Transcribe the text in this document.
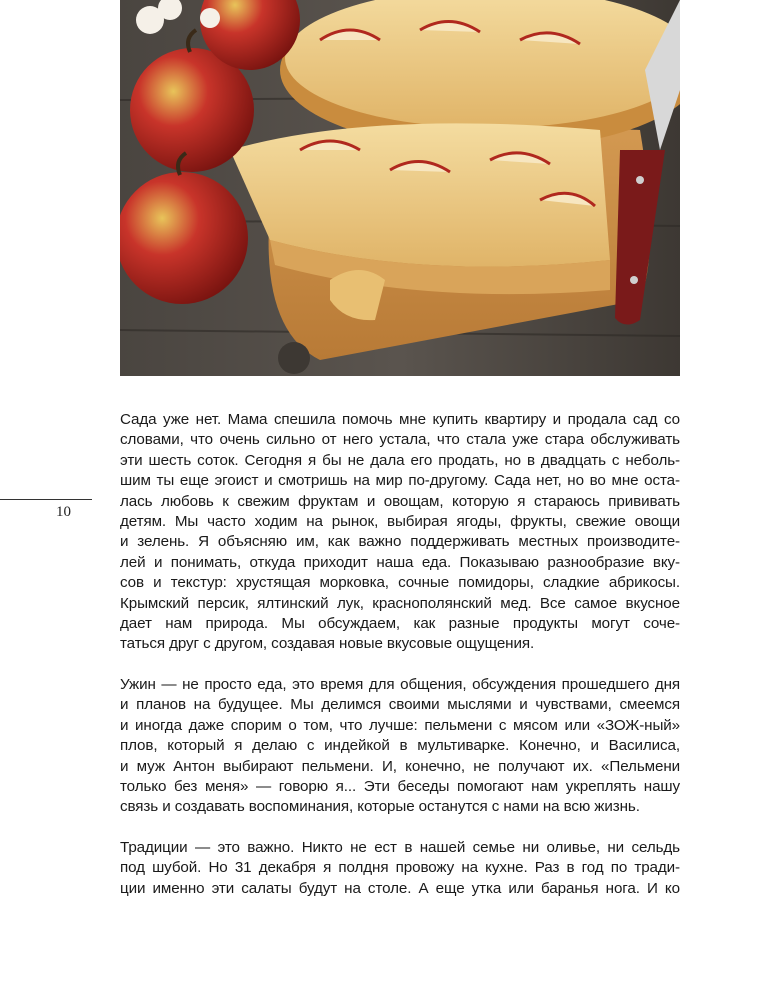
10
Сада уже нет. Мама спешила помочь мне купить квартиру и продала сад со
словами, что очень сильно от него устала, что стала уже стара обслуживать
эти шесть соток. Сегодня я бы не дала его продать, но в двадцать с неболь-
шим ты еще эгоист и смотришь на мир по-другому. Сада нет, но во мне оста-
лась любовь к свежим фруктам и овощам, которую я стараюсь прививать
детям. Мы часто ходим на рынок, выбирая ягоды, фрукты, свежие овощи
и зелень. Я объясняю им, как важно поддерживать местных производите-
лей и понимать, откуда приходит наша еда. Показываю разнообразие вку-
сов и текстур: хрустящая морковка, сочные помидоры, сладкие абрикосы.
Крымский персик, ялтинский лук, краснополянский мед. Все самое вкусное
дает нам природа. Мы обсуждаем, как разные продукты могут соче-
таться друг с другом, создавая новые вкусовые ощущения.
Ужин — не просто еда, это время для общения, обсуждения прошедшего дня
и планов на будущее. Мы делимся своими мыслями и чувствами, смеемся
и иногда даже спорим о том, что лучше: пельмени с мясом или «ЗОЖ-ный»
плов, который я делаю с индейкой в мультиварке. Конечно, и Василиса,
и муж Антон выбирают пельмени. И, конечно, не получают их. «Пельмени
только без меня» — говорю я... Эти беседы помогают нам укреплять нашу
связь и создавать воспоминания, которые останутся с нами на всю жизнь.
Традиции — это важно. Никто не ест в нашей семье ни оливье, ни сельдь
под шубой. Но 31 декабря я полдня провожу на кухне. Раз в год по тради-
ции именно эти салаты будут на столе. А еще утка или баранья нога. И ко
